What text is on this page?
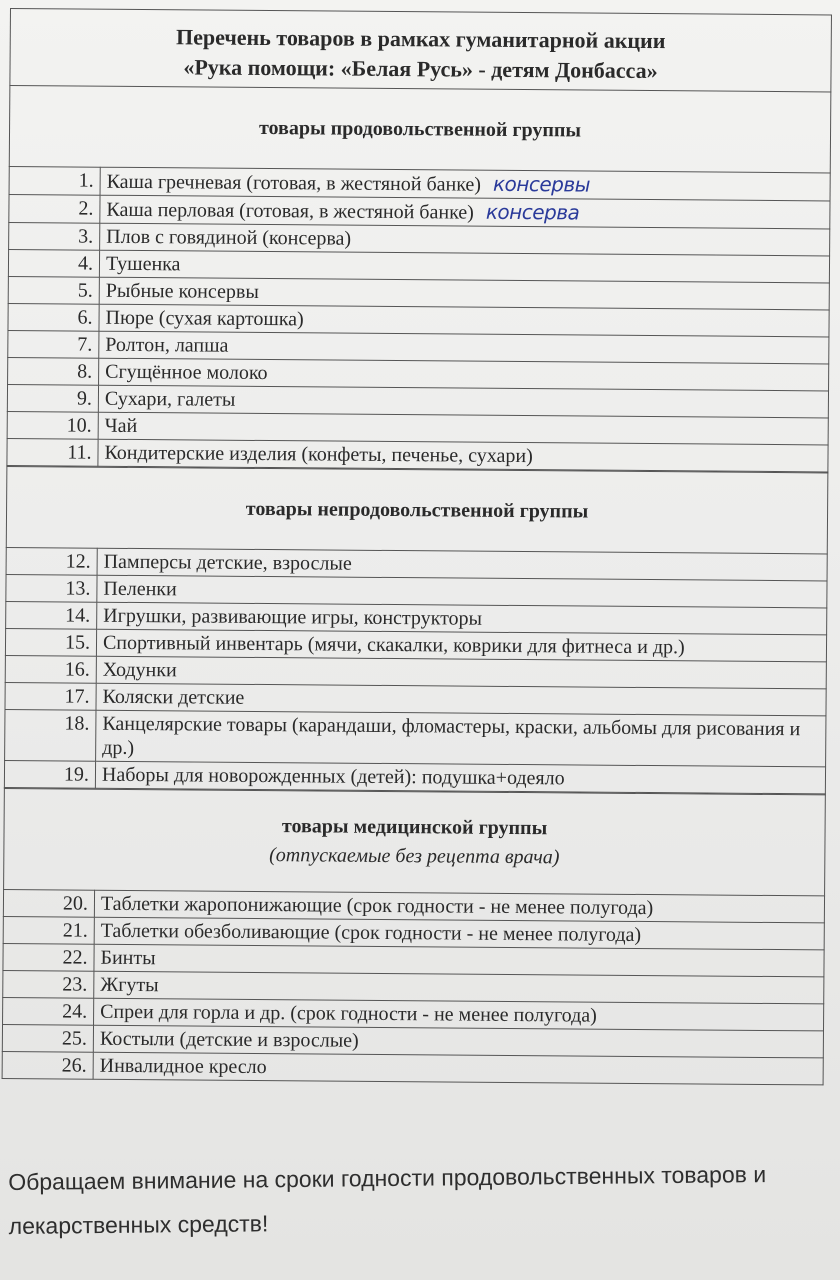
Перечень товаров в рамках гуманитарной акции
«Рука помощи: «Белая Русь» - детям Донбасса»
товары продовольственной группы
1.	Каша гречневая (готовая, в жестяной банке) консервы
2.	Каша перловая (готовая, в жестяной банке) консерва
3.	Плов с говядиной (консерва)
4.	Тушенка
5.	Рыбные консервы
6.	Пюре (сухая картошка)
7.	Ролтон, лапша
8.	Сгущённое молоко
9.	Сухари, галеты
10.	Чай
11.	Кондитерские изделия (конфеты, печенье, сухари)
товары непродовольственной группы
12.	Памперсы детские, взрослые
13.	Пеленки
14.	Игрушки, развивающие игры, конструкторы
15.	Спортивный инвентарь (мячи, скакалки, коврики для фитнеса и др.)
16.	Ходунки
17.	Коляски детские
18.	Канцелярские товары (карандаши, фломастеры, краски, альбомы для рисования и др.)
19.	Наборы для новорожденных (детей): подушка+одеяло
товары медицинской группы
(отпускаемые без рецепта врача)
20.	Таблетки жаропонижающие (срок годности - не менее полугода)
21.	Таблетки обезболивающие (срок годности - не менее полугода)
22.	Бинты
23.	Жгуты
24.	Спреи для горла и др. (срок годности - не менее полугода)
25.	Костыли (детские и взрослые)
26.	Инвалидное кресло
Обращаем внимание на сроки годности продовольственных товаров и лекарственных средств!
